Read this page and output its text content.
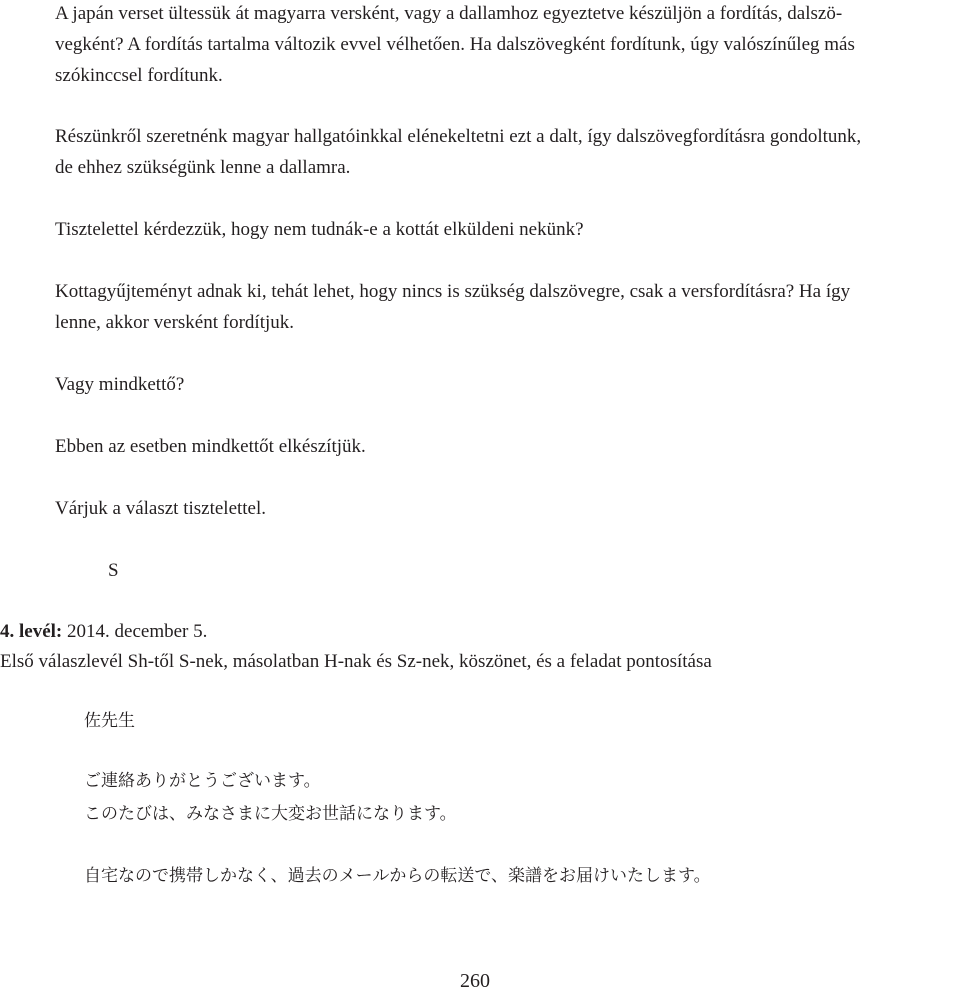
A japán verset ültessük át magyarra versként, vagy a dallamhoz egyeztetve készüljön a fordítás, dalszö-
vegként? A fordítás tartalma változik evvel vélhetően. Ha dalszövegként fordítunk, úgy valószínűleg más
szókinccsel fordítunk.
Részünkről szeretnénk magyar hallgatóinkkal elénekeltetni ezt a dalt, így dalszövegfordításra gondoltunk,
de ehhez szükségünk lenne a dallamra.
Tisztelettel kérdezzük, hogy nem tudnák-e a kottát elküldeni nekünk?
Kottagyűjteményt adnak ki, tehát lehet, hogy nincs is szükség dalszövegre, csak a versfordításra? Ha így
lenne, akkor versként fordítjuk.
Vagy mindkettő?
Ebben az esetben mindkettőt elkészítjük.
Várjuk a választ tisztelettel.
S
4. levél: 2014. december 5.
Első válaszlevél Sh-től S-nek, másolatban H-nak és Sz-nek, köszönet, és a feladat pontosítása
佐先生
ご連絡ありがとうございます。
このたびは、みなさまに大変お世話になります。
自宅なので携帯しかなく、過去のメールからの転送で、楽譜をお届けいたします。
260
